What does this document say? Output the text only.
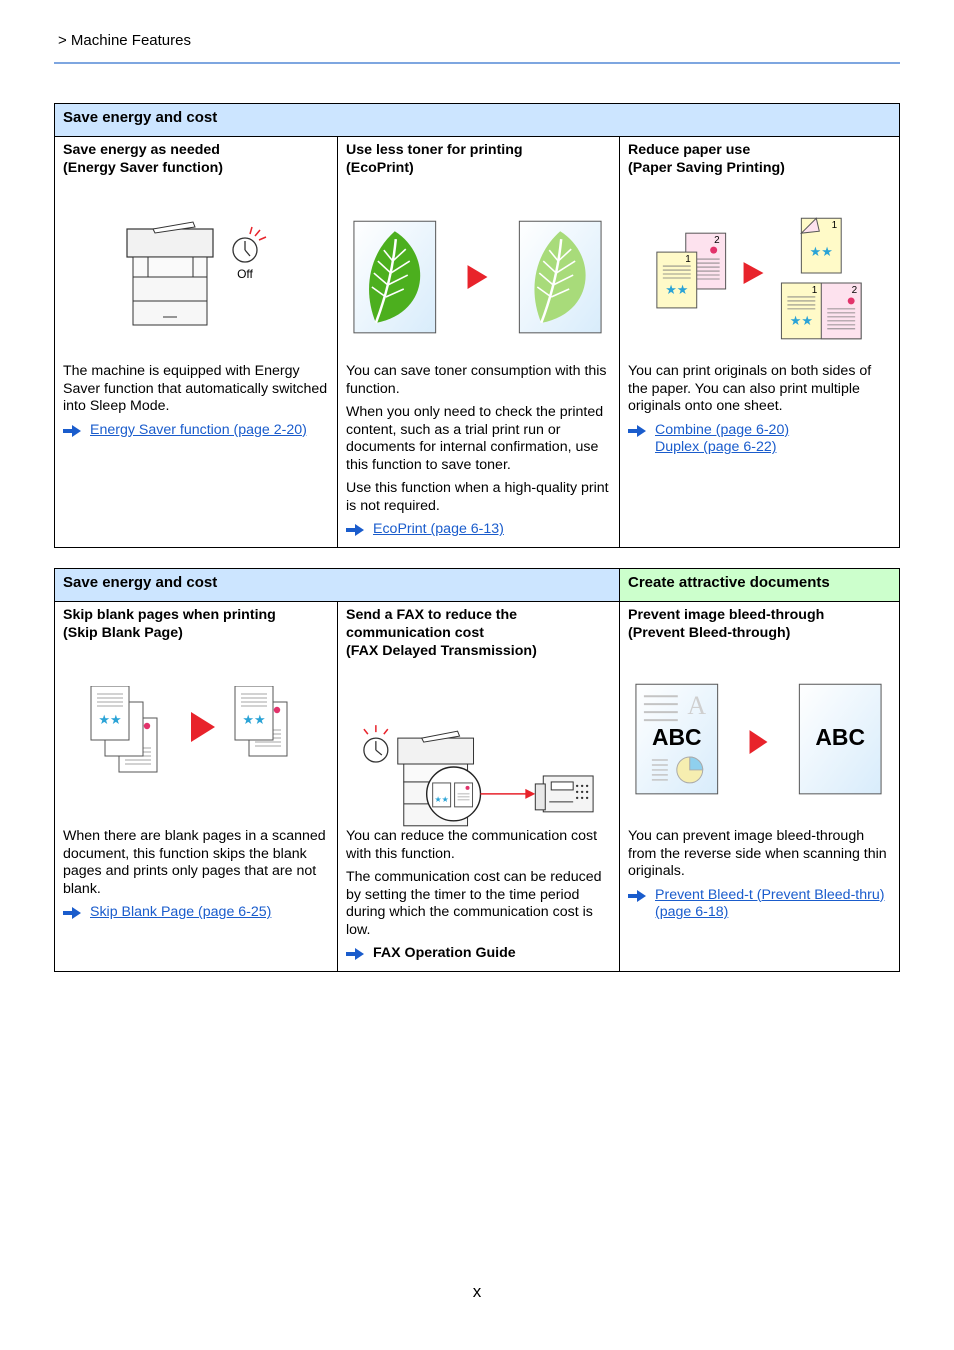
> Machine Features
Save energy and cost
Save energy as needed
(Energy Saver function)
Off

The machine is equipped with Energy Saver function that automatically switched into Sleep Mode.

Energy Saver function (page 2-20)
Use less toner for printing
(EcoPrint)

You can save toner consumption with this function.

When you only need to check the printed content, such as a trial print run or documents for internal confirmation, use this function to save toner.

Use this function when a high-quality print is not required.

EcoPrint (page 6-13)
Reduce paper use
(Paper Saving Printing)
2
1
★★
1
★★
1	2
★★

You can print originals on both sides of the paper. You can also print multiple originals onto one sheet.

Combine (page 6-20)
Duplex (page 6-22)
Save energy and cost	Create attractive documents
Skip blank pages when printing
(Skip Blank Page)
★★	★★

When there are blank pages in a scanned document, this function skips the blank pages and prints only pages that are not blank.

Skip Blank Page (page 6-25)
Send a FAX to reduce the
communication cost
(FAX Delayed Transmission)
★★

You can reduce the communication cost with this function.

The communication cost can be reduced by setting the timer to the time period during which the communication cost is low.

FAX Operation Guide
Prevent image bleed-through
(Prevent Bleed-through)
A
ABC	ABC

You can prevent image bleed-through from the reverse side when scanning thin originals.

Prevent Bleed-t (Prevent Bleed-thru) (page 6-18)
x
